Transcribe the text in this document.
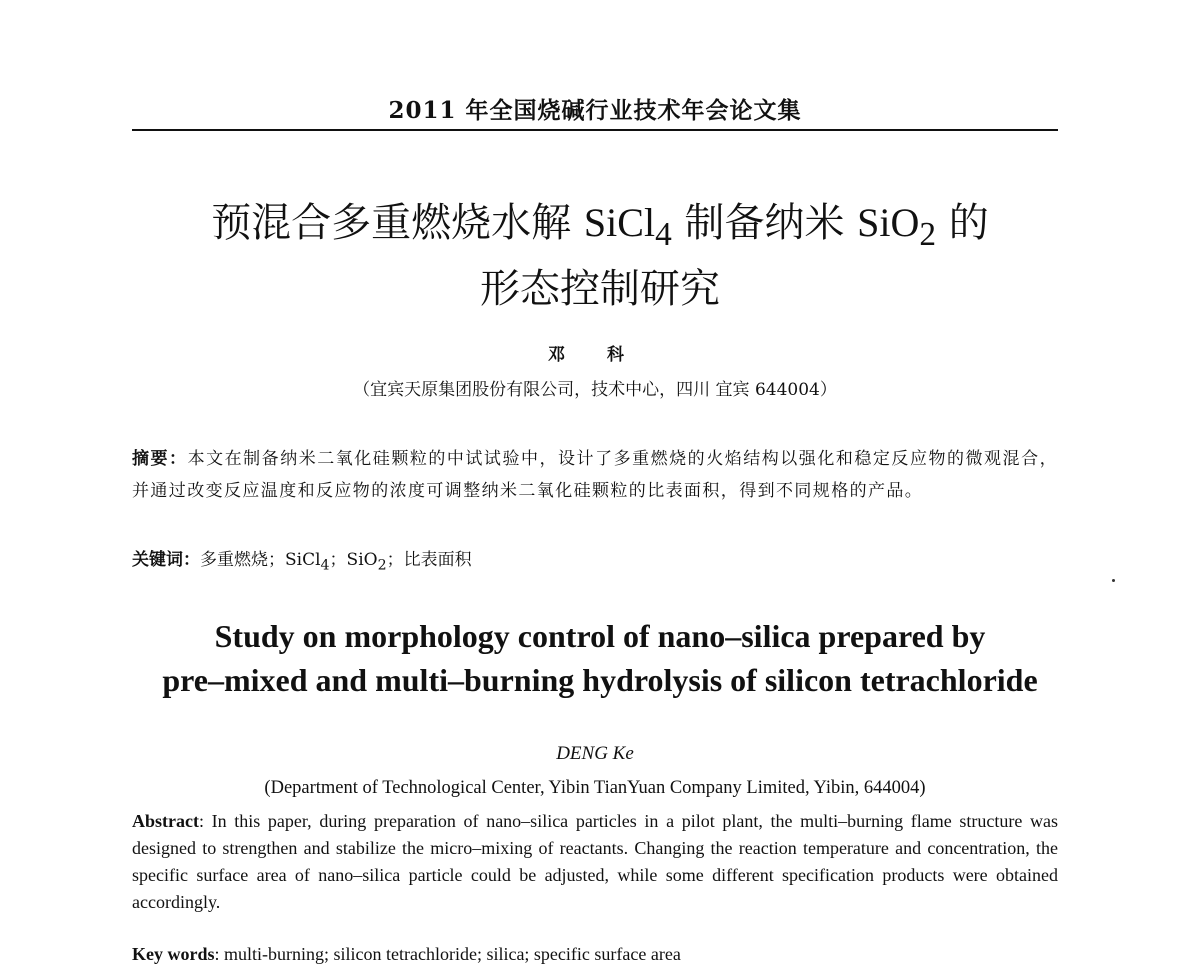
2011 年全国烧碱行业技术年会论文集
预混合多重燃烧水解 SiCl$_4$ 制备纳米 SiO$_2$ 的
形态控制研究
邓 科
（宜宾天原集团股份有限公司，技术中心，四川 宜宾 644004）
摘要：本文在制备纳米二氧化硅颗粒的中试试验中，设计了多重燃烧的火焰结构以强化和稳定反应物的微观混合，并通过改变反应温度和反应物的浓度可调整纳米二氧化硅颗粒的比表面积，得到不同规格的产品。
关键词：多重燃烧；SiCl$_4$；SiO$_2$；比表面积
Study on morphology control of nano–silica prepared by
pre–mixed and multi–burning hydrolysis of silicon tetrachloride
DENG Ke
(Department of Technological Center, Yibin TianYuan Company Limited, Yibin, 644004)
Abstract: In this paper, during preparation of nano–silica particles in a pilot plant, the multi–burning flame structure was designed to strengthen and stabilize the micro–mixing of reactants. Changing the reaction temperature and concentration, the specific surface area of nano–silica particle could be adjusted, while some different specification products were obtained accordingly.
Key words: multi-burning; silicon tetrachloride; silica; specific surface area
